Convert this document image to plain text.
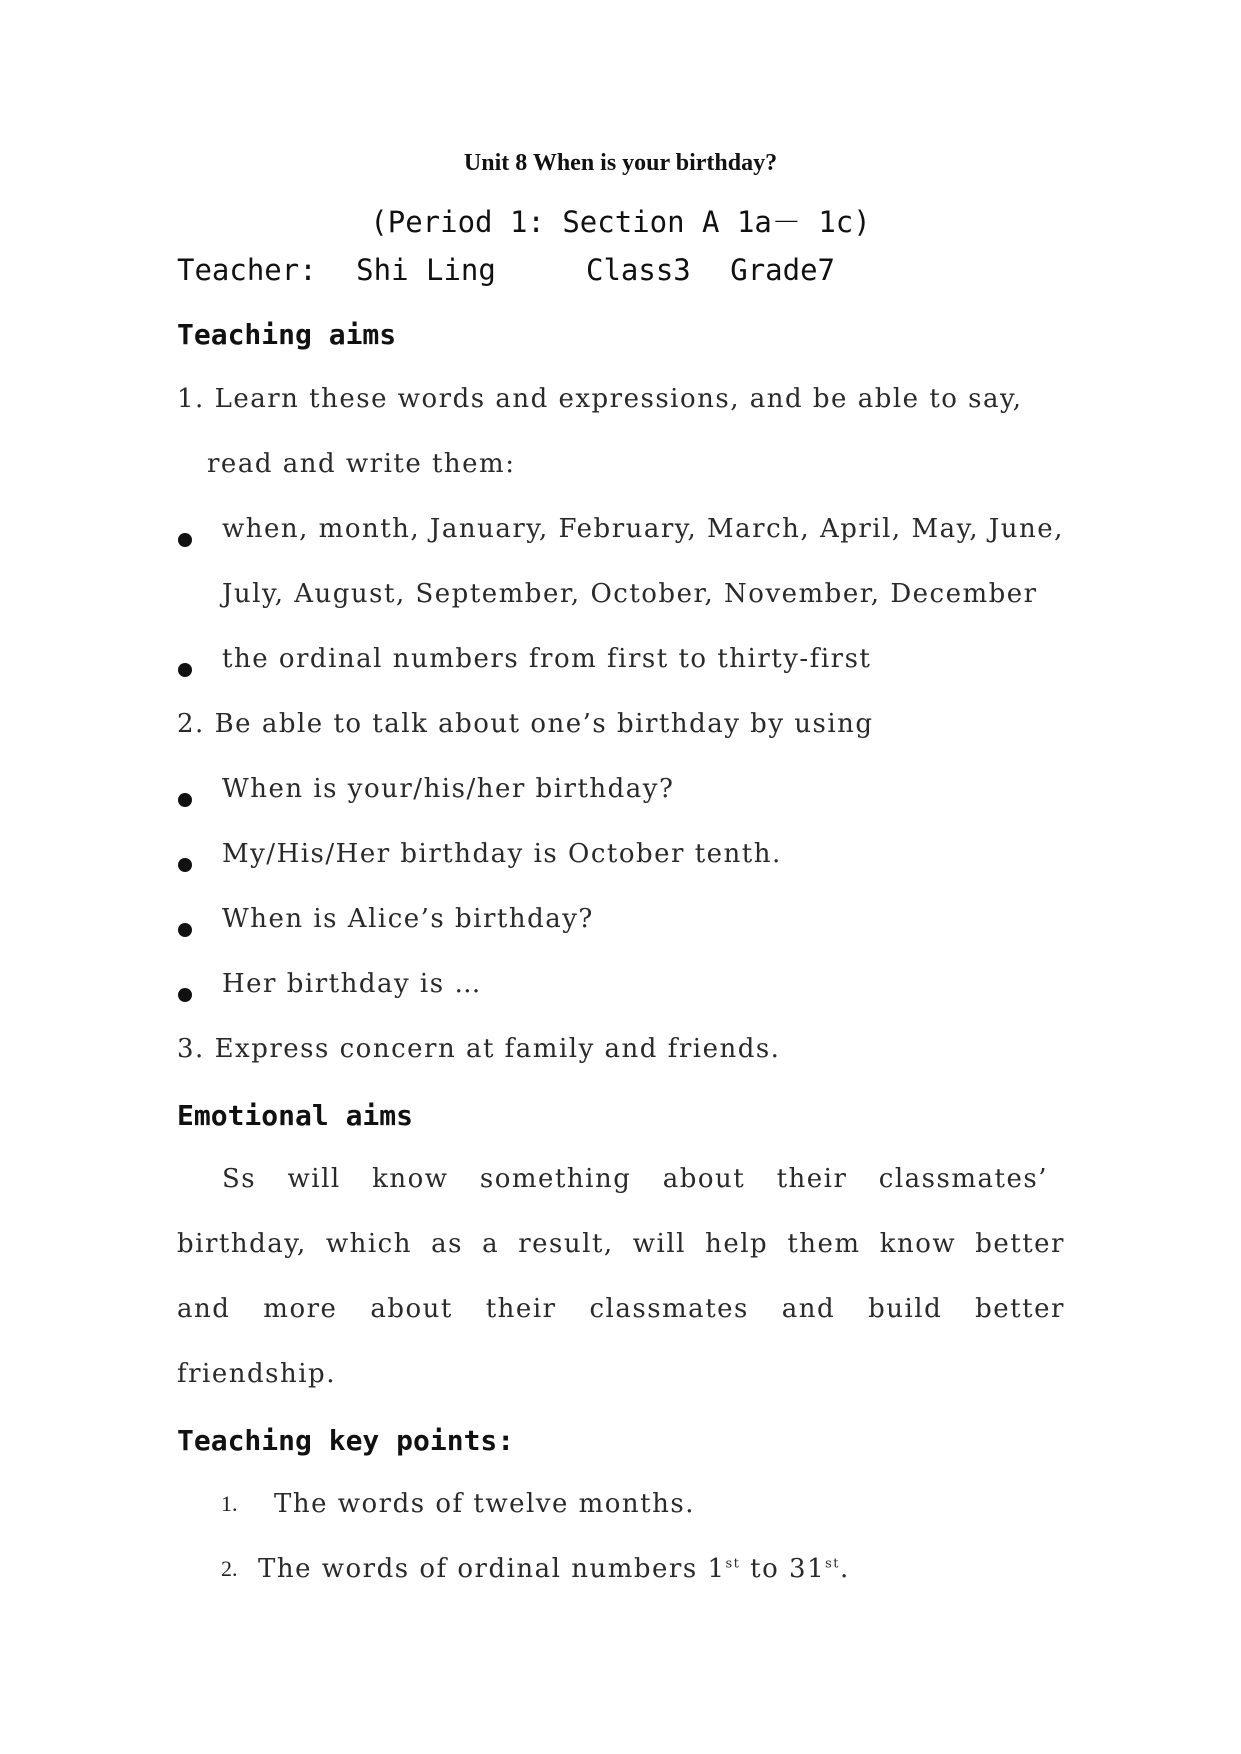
Unit 8 When is your birthday?
(Period 1: Section A 1a－ 1c)
Teacher: Shi Ling	Class3 Grade7
Teaching aims
1. Learn these words and expressions, and be able to say,
read and write them:
when, month, January, February, March, April, May, June,
July, August, September, October, November, December
the ordinal numbers from first to thirty-first
2. Be able to talk about one’s birthday by using
When is your/his/her birthday?
My/His/Her birthday is October tenth.
When is Alice’s birthday?
Her birthday is …
3. Express concern at family and friends.
Emotional aims
Ss will know something about their classmates’
birthday, which as a result, will help them know better
and more about their classmates and build better
friendship.
Teaching key points:
1. The words of twelve months.
2. The words of ordinal numbers 1st to 31st.
